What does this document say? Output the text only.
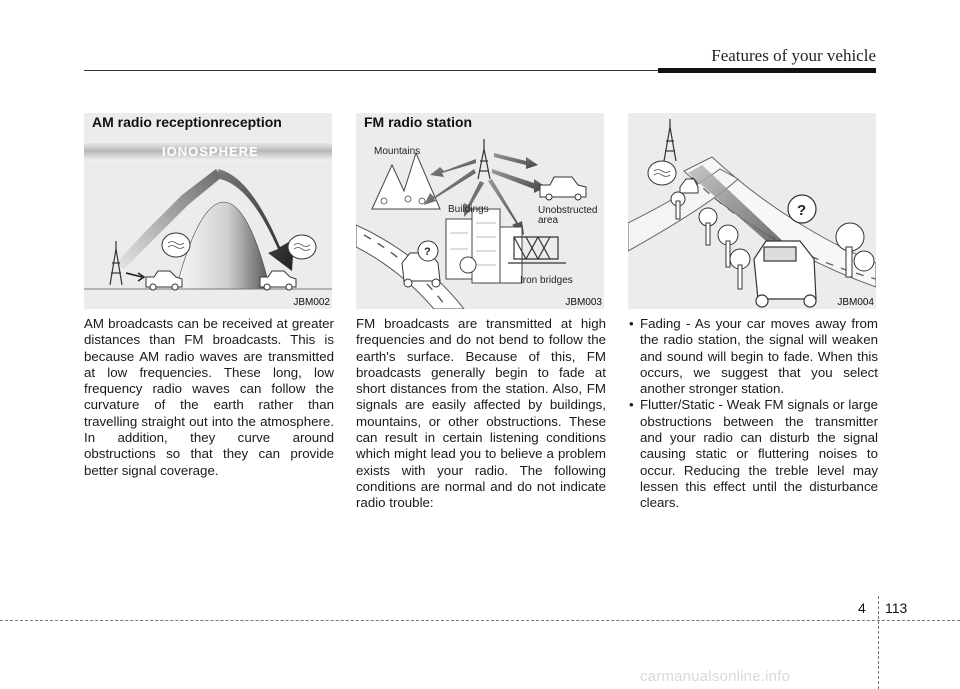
Features of your vehicle
IONOSPHERE
AM radio receptionreception
JBM002
?
Mountains
Buildings	Unobstructed
area
Iron bridges
FM radio station
JBM003
?
JBM004
AM broadcasts can be received at greater distances than FM broadcasts. This is because AM radio waves are transmitted at low frequencies. These long, low frequency radio waves can follow the curvature of the earth rather than travelling straight out into the atmosphere. In addition, they curve around obstructions so that they can provide better signal coverage.
FM broadcasts are transmitted at high frequencies and do not bend to follow the earth's surface. Because of this, FM broadcasts generally begin to fade at short distances from the station. Also, FM signals are easily affected by buildings, mountains, or other obstructions. These can result in certain listening conditions which might lead you to believe a problem exists with your radio. The following conditions are normal and do not indicate radio trouble:
• Fading - As your car moves away from the radio station, the signal will weaken and sound will begin to fade. When this occurs, we suggest that you select another stronger station.
• Flutter/Static - Weak FM signals or large obstructions between the transmitter and your radio can disturb the signal causing static or fluttering noises to occur. Reducing the treble level may lessen this effect until the disturbance clears.
4 113
carmanualsonline.info
